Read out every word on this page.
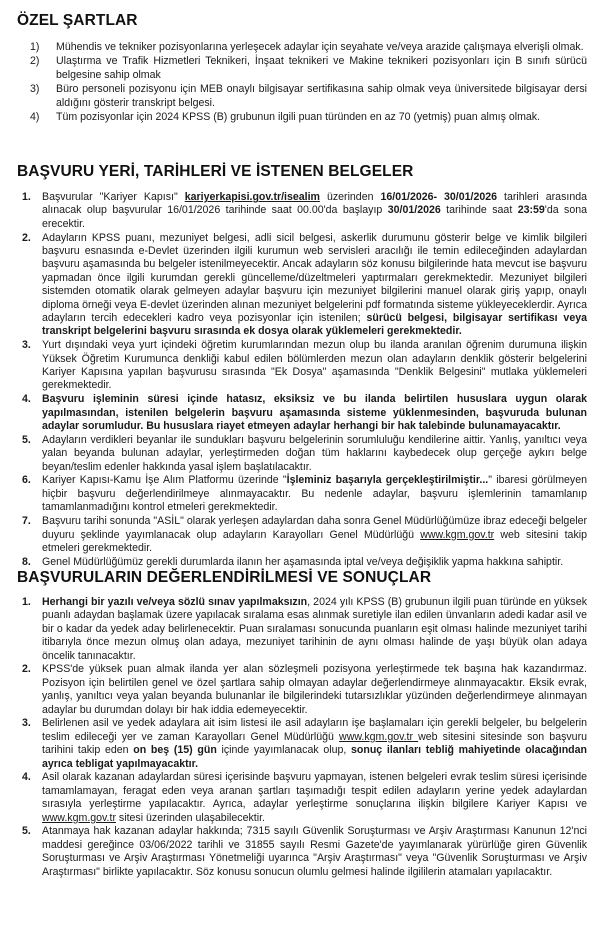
ÖZEL ŞARTLAR
1) Mühendis ve tekniker pozisyonlarına yerleşecek adaylar için seyahate ve/veya arazide çalışmaya elverişli olmak.
2) Ulaştırma ve Trafik Hizmetleri Teknikeri, İnşaat teknikeri ve Makine teknikeri pozisyonları için B sınıfı sürücü belgesine sahip olmak
3) Büro personeli pozisyonu için MEB onaylı bilgisayar sertifikasına sahip olmak veya üniversitede bilgisayar dersi aldığını gösterir transkript belgesi.
4) Tüm pozisyonlar için 2024 KPSS (B) grubunun ilgili puan türünden en az 70 (yetmiş) puan almış olmak.
BAŞVURU YERİ, TARİHLERİ VE İSTENEN BELGELER
1. Başvurular "Kariyer Kapısı" kariyerkapisi.gov.tr/isealim üzerinden 16/01/2026- 30/01/2026 tarihleri arasında alınacak olup başvurular 16/01/2026 tarihinde saat 00.00'da başlayıp 30/01/2026 tarihinde saat 23:59'da sona erecektir.
2. Adayların KPSS puanı, mezuniyet belgesi, adli sicil belgesi, askerlik durumunu gösterir belge ve kimlik bilgileri başvuru esnasında e-Devlet üzerinden ilgili kurumun web servisleri aracılığı ile temin edileceğinden adaylardan başvuru aşamasında bu belgeler istenilmeyecektir. Ancak adayların söz konusu bilgilerinde hata mevcut ise başvuru yapmadan önce ilgili kurumdan gerekli güncelleme/düzeltmeleri yaptırmaları gerekmektedir. Mezuniyet bilgileri sistemden otomatik olarak gelmeyen adaylar başvuru için mezuniyet bilgilerini manuel olarak giriş yapıp, onaylı diploma örneği veya E-devlet üzerinden alınan mezuniyet belgelerini pdf formatında sisteme yükleyeceklerdir. Ayrıca adayların tercih edecekleri kadro veya pozisyonlar için istenilen; sürücü belgesi, bilgisayar sertifikası veya transkript belgelerini başvuru sırasında ek dosya olarak yüklemeleri gerekmektedir.
3. Yurt dışındaki veya yurt içindeki öğretim kurumlarından mezun olup bu ilanda aranılan öğrenim durumuna ilişkin Yüksek Öğretim Kurumunca denkliği kabul edilen bölümlerden mezun olan adayların denklik gösterir belgelerini Kariyer Kapısına yapılan başvurusu sırasında "Ek Dosya" aşamasında "Denklik Belgesini" mutlaka yüklemeleri gerekmektedir.
4. Başvuru işleminin süresi içinde hatasız, eksiksiz ve bu ilanda belirtilen hususlara uygun olarak yapılmasından, istenilen belgelerin başvuru aşamasında sisteme yüklenmesinden, başvuruda bulunan adaylar sorumludur. Bu hususlara riayet etmeyen adaylar herhangi bir hak talebinde bulunamayacaktır.
5. Adayların verdikleri beyanlar ile sundukları başvuru belgelerinin sorumluluğu kendilerine aittir. Yanlış, yanıltıcı veya yalan beyanda bulunan adaylar, yerleştirmeden doğan tüm haklarını kaybedecek olup gerçeğe aykırı belge beyan/teslim edenler hakkında yasal işlem başlatılacaktır.
6. Kariyer Kapısı-Kamu İşe Alım Platformu üzerinde "İşleminiz başarıyla gerçekleştirilmiştir..." ibaresi görülmeyen hiçbir başvuru değerlendirilmeye alınmayacaktır. Bu nedenle adaylar, başvuru işlemlerinin tamamlanıp tamamlanmadığını kontrol etmeleri gerekmektedir.
7. Başvuru tarihi sonunda "ASİL" olarak yerleşen adaylardan daha sonra Genel Müdürlüğümüze ibraz edeceği belgeler duyuru şeklinde yayımlanacak olup adayların Karayolları Genel Müdürlüğü www.kgm.gov.tr web sitesini takip etmeleri gerekmektedir.
8. Genel Müdürlüğümüz gerekli durumlarda ilanın her aşamasında iptal ve/veya değişiklik yapma hakkına sahiptir.
BAŞVURULARIN DEĞERLENDİRİLMESİ VE SONUÇLAR
1. Herhangi bir yazılı ve/veya sözlü sınav yapılmaksızın, 2024 yılı KPSS (B) grubunun ilgili puan türünde en yüksek puanlı adaydan başlamak üzere yapılacak sıralama esas alınmak suretiyle ilan edilen ünvanların adedi kadar asil ve bir o kadar da yedek aday belirlenecektir. Puan sıralaması sonucunda puanların eşit olması halinde mezuniyet tarihi itibarıyla önce mezun olmuş olan adaya, mezuniyet tarihinin de aynı olması halinde de yaşı büyük olan adaya öncelik tanınacaktır.
2. KPSS'de yüksek puan almak ilanda yer alan sözleşmeli pozisyona yerleştirmede tek başına hak kazandırmaz. Pozisyon için belirtilen genel ve özel şartlara sahip olmayan adaylar değerlendirmeye alınmayacaktır. Eksik evrak, yanlış, yanıltıcı veya yalan beyanda bulunanlar ile bilgilerindeki tutarsızlıklar yüzünden değerlendirmeye alınmayan adaylar bu durumdan dolayı bir hak iddia edemeyecektir.
3. Belirlenen asil ve yedek adaylara ait isim listesi ile asil adayların işe başlamaları için gerekli belgeler, bu belgelerin teslim edileceği yer ve zaman Karayolları Genel Müdürlüğü www.kgm.gov.tr web sitesini sitesinde son başvuru tarihini takip eden on beş (15) gün içinde yayımlanacak olup, sonuç ilanları tebliğ mahiyetinde olacağından ayrıca tebligat yapılmayacaktır.
4. Asil olarak kazanan adaylardan süresi içerisinde başvuru yapmayan, istenen belgeleri evrak teslim süresi içerisinde tamamlamayan, feragat eden veya aranan şartları taşımadığı tespit edilen adayların yerine yedek adaylardan sırasıyla yerleştirme yapılacaktır. Ayrıca, adaylar yerleştirme sonuçlarına ilişkin bilgilere Kariyer Kapısı ve www.kgm.gov.tr sitesi üzerinden ulaşabilecektir.
5. Atanmaya hak kazanan adaylar hakkında; 7315 sayılı Güvenlik Soruşturması ve Arşiv Araştırması Kanunun 12'nci maddesi gereğince 03/06/2022 tarihli ve 31855 sayılı Resmi Gazete'de yayımlanarak yürürlüğe giren Güvenlik Soruşturması ve Arşiv Araştırması Yönetmeliği uyarınca "Arşiv Araştırması" veya "Güvenlik Soruşturması ve Arşiv Araştırması" birlikte yapılacaktır. Söz konusu sonucun olumlu gelmesi halinde ilgililerin atamaları yapılacaktır.
